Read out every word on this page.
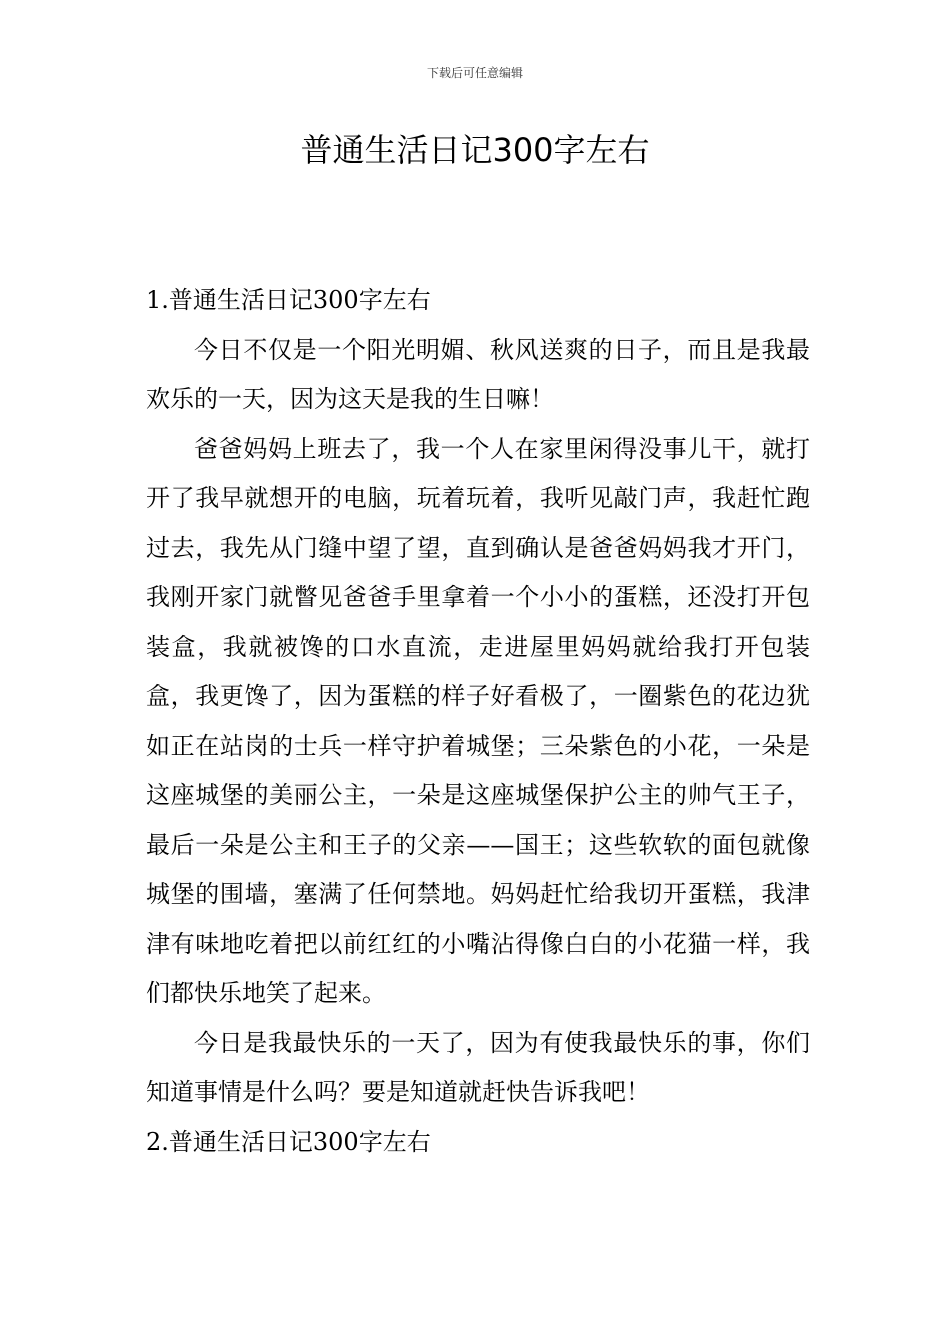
下载后可任意编辑
普通生活日记300字左右

1.普通生活日记300字左右

今日不仅是一个阳光明媚、秋风送爽的日子，而且是我最欢乐的一天，因为这天是我的生日嘛！

爸爸妈妈上班去了，我一个人在家里闲得没事儿干，就打开了我早就想开的电脑，玩着玩着，我听见敲门声，我赶忙跑过去，我先从门缝中望了望，直到确认是爸爸妈妈我才开门，我刚开家门就瞥见爸爸手里拿着一个小小的蛋糕，还没打开包装盒，我就被馋的口水直流，走进屋里妈妈就给我打开包装盒，我更馋了，因为蛋糕的样子好看极了，一圈紫色的花边犹如正在站岗的士兵一样守护着城堡；三朵紫色的小花，一朵是这座城堡的美丽公主，一朵是这座城堡保护公主的帅气王子，最后一朵是公主和王子的父亲——国王；这些软软的面包就像城堡的围墙，塞满了任何禁地。妈妈赶忙给我切开蛋糕，我津津有味地吃着把以前红红的小嘴沾得像白白的小花猫一样，我们都快乐地笑了起来。

今日是我最快乐的一天了，因为有使我最快乐的事，你们知道事情是什么吗？要是知道就赶快告诉我吧！

2.普通生活日记300字左右
